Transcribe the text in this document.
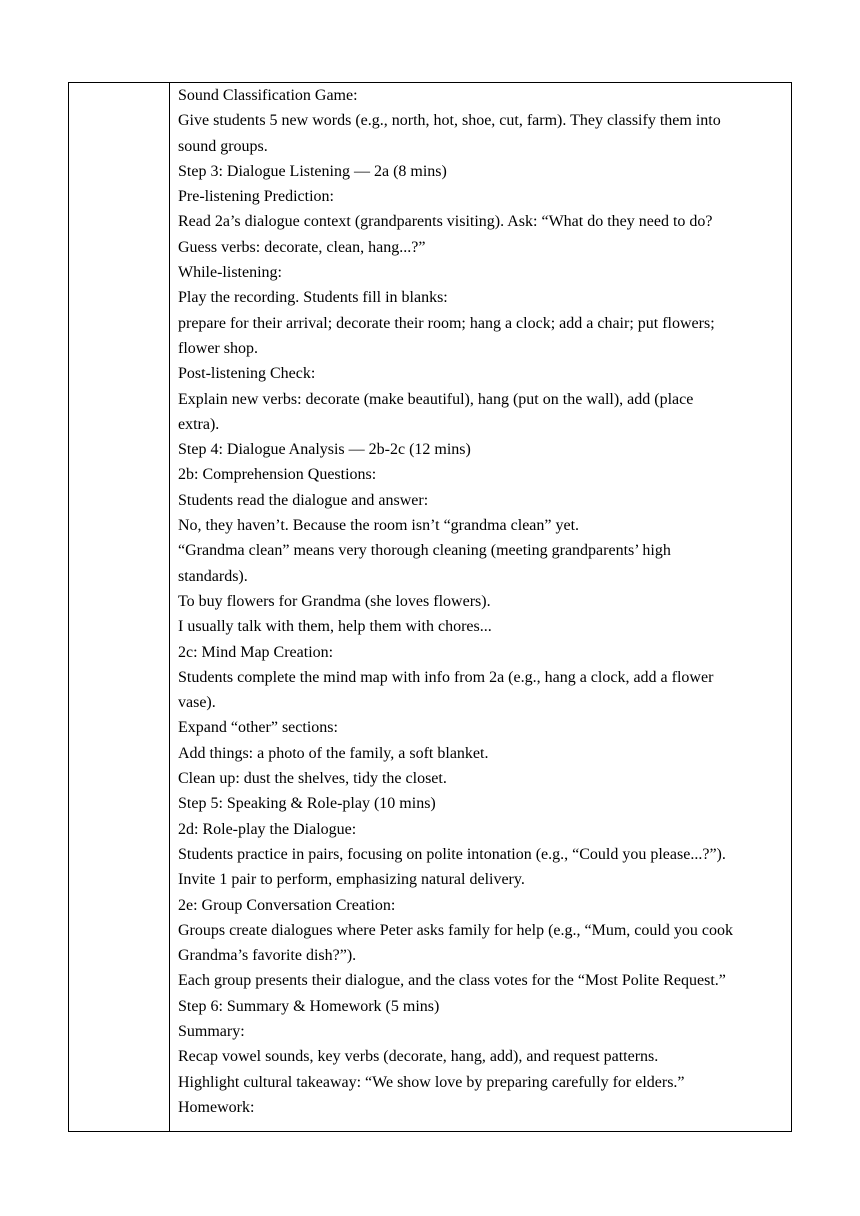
Sound Classification Game:
Give students 5 new words (e.g., north, hot, shoe, cut, farm). They classify them into
sound groups.
Step 3: Dialogue Listening — 2a (8 mins)
Pre-listening Prediction:
Read 2a’s dialogue context (grandparents visiting). Ask: “What do they need to do?
Guess verbs: decorate, clean, hang...?”
While-listening:
Play the recording. Students fill in blanks:
prepare for their arrival; decorate their room; hang a clock; add a chair; put flowers;
flower shop.
Post-listening Check:
Explain new verbs: decorate (make beautiful), hang (put on the wall), add (place
extra).
Step 4: Dialogue Analysis — 2b-2c (12 mins)
2b: Comprehension Questions:
Students read the dialogue and answer:
No, they haven’t. Because the room isn’t “grandma clean” yet.
“Grandma clean” means very thorough cleaning (meeting grandparents’ high
standards).
To buy flowers for Grandma (she loves flowers).
I usually talk with them, help them with chores...
2c: Mind Map Creation:
Students complete the mind map with info from 2a (e.g., hang a clock, add a flower
vase).
Expand “other” sections:
Add things: a photo of the family, a soft blanket.
Clean up: dust the shelves, tidy the closet.
Step 5: Speaking & Role-play (10 mins)
2d: Role-play the Dialogue:
Students practice in pairs, focusing on polite intonation (e.g., “Could you please...?”).
Invite 1 pair to perform, emphasizing natural delivery.
2e: Group Conversation Creation:
Groups create dialogues where Peter asks family for help (e.g., “Mum, could you cook
Grandma’s favorite dish?”).
Each group presents their dialogue, and the class votes for the “Most Polite Request.”
Step 6: Summary & Homework (5 mins)
Summary:
Recap vowel sounds, key verbs (decorate, hang, add), and request patterns.
Highlight cultural takeaway: “We show love by preparing carefully for elders.”
Homework:
